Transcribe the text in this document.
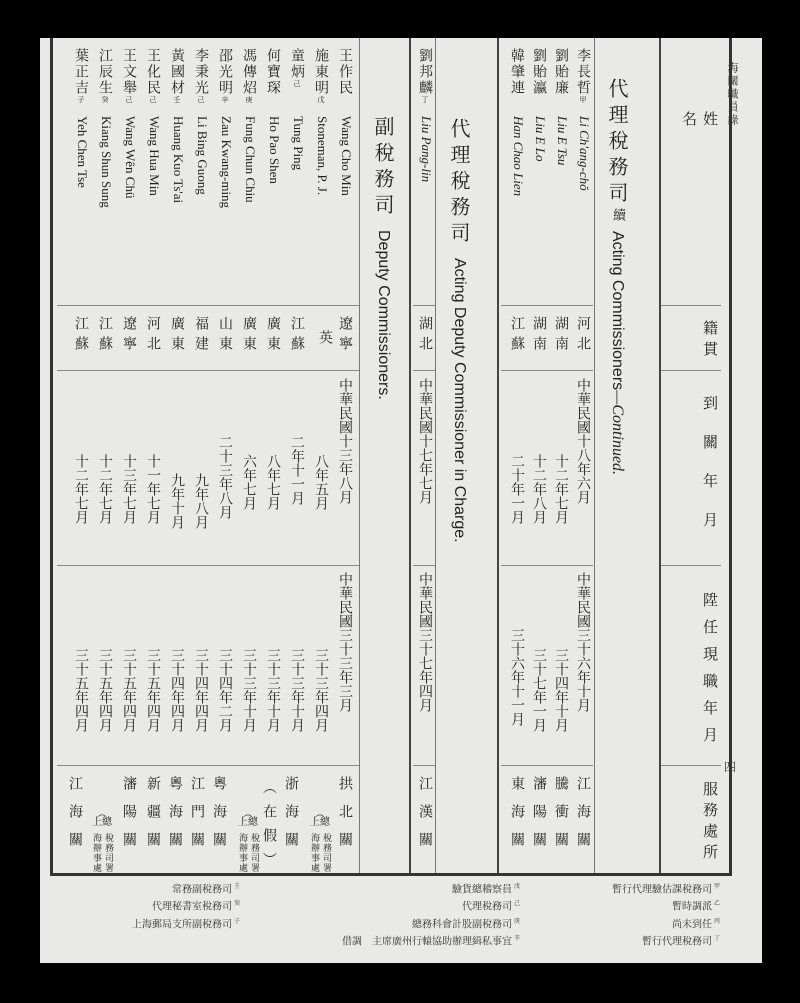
海關職員錄
四
姓名
籍貫
到關年月
陞任現職年月
服務處所
代理稅務司續Acting Commissioners—Continued.
李長哲甲
Li Ch'ang-chŏ
河北
中華民國十八年六月
中華民國三十六年十月
江海關
劉貽廉
Liu E Tsu
湖南
十二年七月
三十四年十月
騰衝關
劉貽瀛
Liu E Lo
湖南
十二年八月
三十七年一月
瀋陽關
韓肇連
Han Chao Lien
江蘇
二十年一月
三十六年十一月
東海關
代理稅務司Acting Deputy Commissioner in Charge.
劉邦麟丁
Liu Pang-lin
湖北
中華民國十七年七月
中華民國三十七年四月
江漢關
副稅務司Deputy Commissioners.
王作民
Wang Cho Min
遼寧
中華民國十三年八月
中華民國三十三年三月
拱北關
施東明戊
Stoneman, P. J.
英
八年五月
三十三年四月
︵
上總
稅務司署
海辦事處
童炳己
Tung Ping
江蘇
二年十一月
三十三年十月
浙海關
何寶琛
Ho Pao Shen
廣東
八年七月
三十三年十月
（在假）
馮傳炤庚
Fung Chun Chiu
廣東
六年七月
三十三年十月
︵
上總
稅務司署
海辦事處
邵光明辛
Zau Kwang-ming
山東
二十三年八月
三十四年二月
粵海關
李秉光己
Li Bing Guong
福建
九年八月
三十四年四月
江門關
黃國材壬
Huang Kuo Ts'ai
廣東
九年十月
三十四年四月
粵海關
王化民己
Wang Hua Min
河北
十一年七月
三十五年四月
新疆關
王文舉己
Wang Wên Chü
遼寧
十三年七月
三十五年四月
瀋陽關
江辰生癸
Kiang Shun Sung
江蘇
十二年七月
三十五年四月
︵
上總
稅務司署
海辦事處
葉正吉子
Yeh Chen Tse
江蘇
十二年七月
三十五年四月
江海關
暫行代理驗估課稅務司 $^甲$
暫時調派 $^乙$
尚未到任 $^丙$
暫行代理稅務司 $^丁$
驗貨總稽察員 $^戊$
代理稅務司 $^己$
總務科會計股副稅務司 $^庚$
借調　主席廣州行轅協助辦理緝私事宜 $^辛$
常務副稅務司 $^壬$
代理秘書室稅務司 $^癸$
上海郵局支所副稅務司 $^子$
